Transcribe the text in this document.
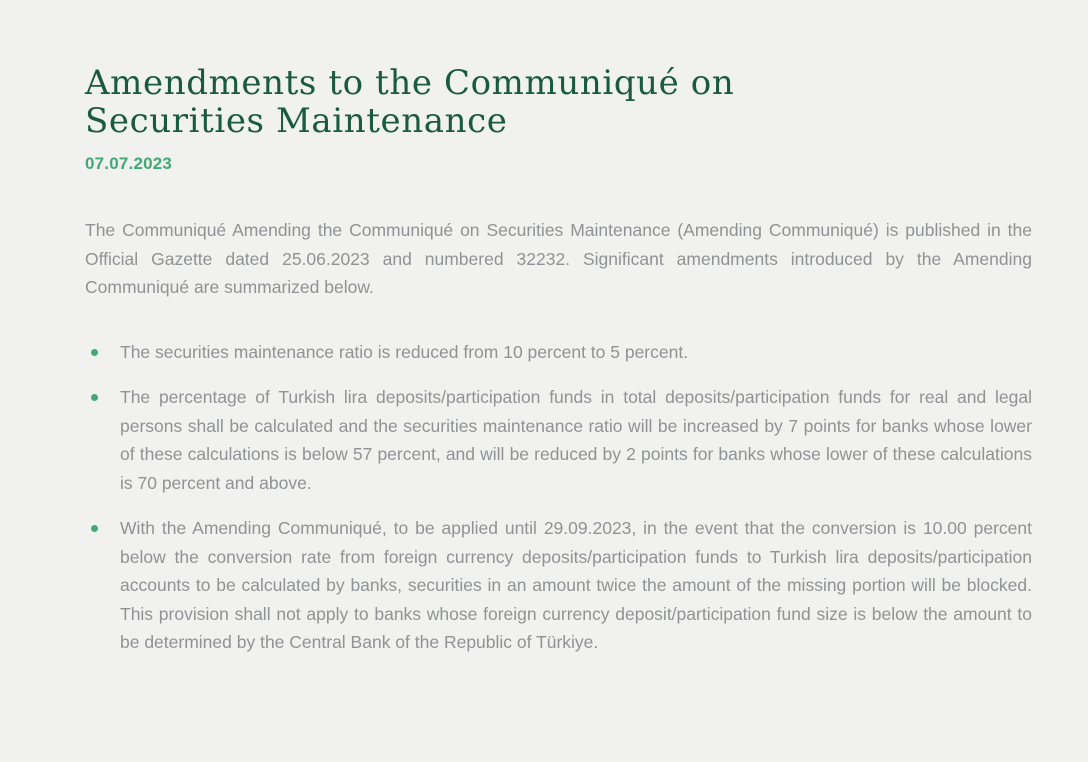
Amendments to the Communiqué on
Securities Maintenance
07.07.2023

The Communiqué Amending the Communiqué on Securities Maintenance (Amending Communiqué) is published in the Official Gazette dated 25.06.2023 and numbered 32232. Significant amendments introduced by the Amending Communiqué are summarized below.

The securities maintenance ratio is reduced from 10 percent to 5 percent.
The percentage of Turkish lira deposits/participation funds in total deposits/participation funds for real and legal persons shall be calculated and the securities maintenance ratio will be increased by 7 points for banks whose lower of these calculations is below 57 percent, and will be reduced by 2 points for banks whose lower of these calculations is 70 percent and above.
With the Amending Communiqué, to be applied until 29.09.2023, in the event that the conversion is 10.00 percent below the conversion rate from foreign currency deposits/participation funds to Turkish lira deposits/participation accounts to be calculated by banks, securities in an amount twice the amount of the missing portion will be blocked. This provision shall not apply to banks whose foreign currency deposit/participation fund size is below the amount to be determined by the Central Bank of the Republic of Türkiye.
